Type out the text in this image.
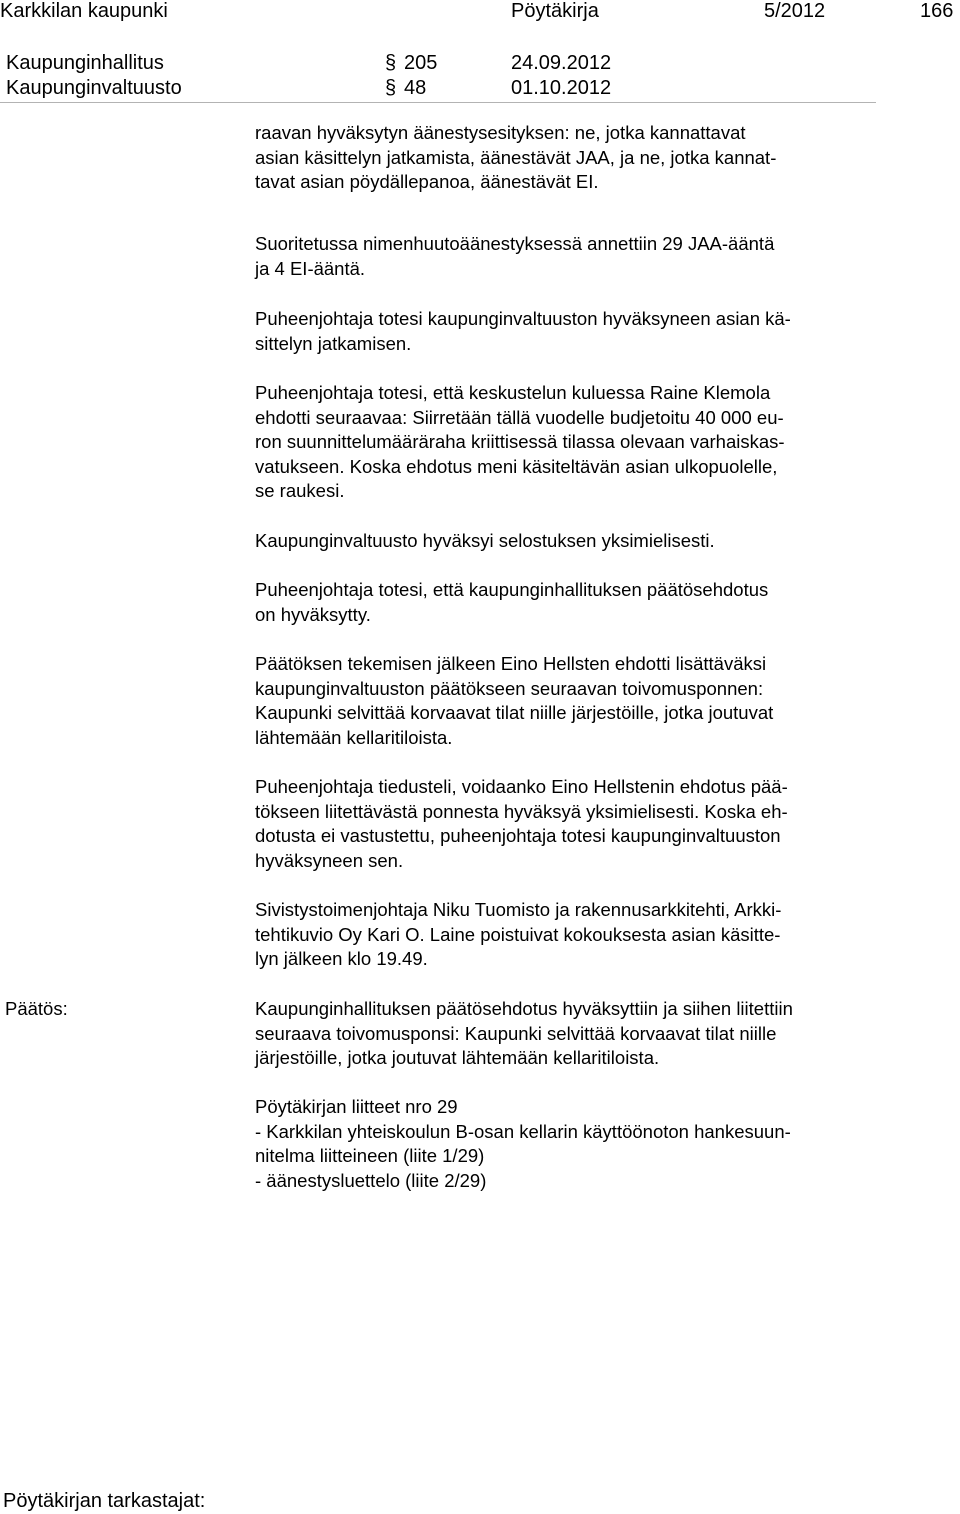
Karkkilan kaupunki	Pöytäkirja	5/2012	166
Kaupunginhallitus	§ 205	24.09.2012
Kaupunginvaltuusto	§ 48	01.10.2012
raavan hyväksytyn äänestysesityksen: ne, jotka kannattavat
asian käsittelyn jatkamista, äänestävät JAA, ja ne, jotka kannat-
tavat asian pöydällepanoa, äänestävät EI.
Suoritetussa nimenhuutoäänestyksessä annettiin 29 JAA-ääntä
ja 4 EI-ääntä.
Puheenjohtaja totesi kaupunginvaltuuston hyväksyneen asian kä-
sittelyn jatkamisen.
Puheenjohtaja totesi, että keskustelun kuluessa Raine Klemola
ehdotti seuraavaa: Siirretään tällä vuodelle budjetoitu 40 000 eu-
ron suunnittelumääräraha kriittisessä tilassa olevaan varhaiskas-
vatukseen. Koska ehdotus meni käsiteltävän asian ulkopuolelle,
se raukesi.
Kaupunginvaltuusto hyväksyi selostuksen yksimielisesti.
Puheenjohtaja totesi, että kaupunginhallituksen päätösehdotus
on hyväksytty.
Päätöksen tekemisen jälkeen Eino Hellsten ehdotti lisättäväksi
kaupunginvaltuuston päätökseen seuraavan toivomusponnen:
Kaupunki selvittää korvaavat tilat niille järjestöille, jotka joutuvat
lähtemään kellaritiloista.
Puheenjohtaja tiedusteli, voidaanko Eino Hellstenin ehdotus pää-
tökseen liitettävästä ponnesta hyväksyä yksimielisesti. Koska eh-
dotusta ei vastustettu, puheenjohtaja totesi kaupunginvaltuuston
hyväksyneen sen.
Sivistystoimenjohtaja Niku Tuomisto ja rakennusarkkitehti, Arkki-
tehtikuvio Oy Kari O. Laine poistuivat kokouksesta asian käsitte-
lyn jälkeen klo 19.49.
Päätös:	Kaupunginhallituksen päätösehdotus hyväksyttiin ja siihen liitettiin
seuraava toivomusponsi: Kaupunki selvittää korvaavat tilat niille
järjestöille, jotka joutuvat lähtemään kellaritiloista.
Pöytäkirjan liitteet nro 29
- Karkkilan yhteiskoulun B-osan kellarin käyttöönoton hankesuun-
nitelma liitteineen (liite 1/29)
- äänestysluettelo (liite 2/29)
Pöytäkirjan tarkastajat:
